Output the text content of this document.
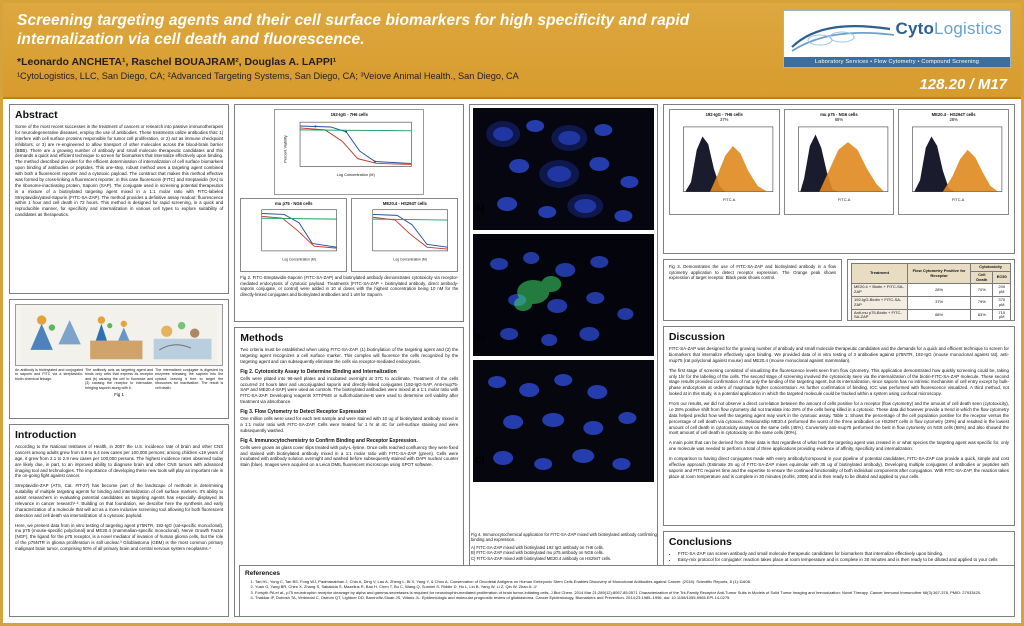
Screening targeting agents and their cell surface biomarkers for high specificity and rapid internalization via cell death and fluorescence.
*Leonardo ANCHETA¹, Raschel BOUAJRAM², Douglas A. LAPPI¹
¹CytoLogistics, LLC, San Diego, CA; ²Advanced Targeting Systems, San Diego, CA; ³Veiove Animal Health., San Diego, CA
CytoLogistics
Laboratory Services • Flow Cytometry • Compound Screening
128.20 / M17
Abstract

Some of the most recent successes in the treatment of cancers or research into passive immunotherapies for neurodegenerative diseases, employ the use of antibodies. These treatments utilize antibodies that: 1) interfere with cell surface proteins responsible for tumor cell proliferation, or 2) act as immune checkpoint inhibitors, or 3) are re-engineered to allow transport of other molecules across the blood-brain barrier (BBB). There are a growing number of antibody and small molecule therapeutic candidates and this demands a quick and efficient technique to screen for biomarkers that internalize effectively upon binding. The method described provides for the efficient determination of internalization of cell surface biomarkers upon binding of antibodies or peptides. This one-step, robust method uses a targeting agent combined with both a fluorescent reporter and a cytotoxic payload. The construct that makes this method effective was formed by cross-linking a fluorescent reporter, in this case fluorescein (FITC) and streptavidin (SA) to the ribosome-inactivating protein, Saporin (SAP). The conjugate used in screening potential therapeutics is a mixture of a biotinylated targeting agent mixed in a 1:1 molar ratio with FITC-labeled Streptavidin/yated-Saporin (FITC-SA-ZAP). The method provides a definitive assay readout: fluorescence within 1 hour and cell death in 72 hours. This method is designed for rapid screening, in a quick and reproducible manner, for specificity and internalization in various cell types to explore suitability of candidates as therapeutics.

An antibody is biotinylated and conjugated to saporin and FITC via a streptavidin-biotin chemical linkage.
The antibody acts as targeting agent and binds only cells that express its receptor and (b) causing the cell to fluoresce and (3) causing the receptor to internalize, bringing saporin along with it.
The internalized conjugate is digested by enzymes releasing the saporin into the cytosol, leaving it free to target the ribosomes for inactivation. The result is cell death.
Fig 1
Introduction

According to the National Institutes of Health, in 2007 the U.S. incidence rate of brain and other CNS cancers among adults grew from 5.9 to 6.4 new cases per 100,000 persons; among children ≤19 years of age, it grew from 2.1 to 2.9 new cases per 100,000 persons. The highest incidence rates observed today are likely due, in part, to an improved ability to diagnose brain and other CNS tumors with advanced imaging tool and technologies. The importance of developing these new tools will play an important role in the on-going fight against cancer.

Streptavidin-ZAP (ATS, Cat. #IT-27) has become part of the landscape of methods in determining suitability of multiple targeting agents for binding and internalization of cell surface markers. It's ability to assist researchers in evaluating potential candidates as targeting agents has especially displayed its relevance in cancer research¹·². Building on that foundation, we describe here the synthesis and early characterization of a molecule that will act as a more inclusive screening tool allowing for both fluorescent detection and cell death via internalization of a cytotoxic payload.

Here, we present data from in vitro testing of targeting agent p75NTR, 192-IgG (rat-specific monoclonal), mu p75 (mouse-specific polyclonal) and ME20.4 (mammalian-specific monoclonal). Nerve Growth Factor (NGF), the ligand for the p75 receptor, is a novel mediator of invasion of human glioma cells, but the role of the p75NTR in glioma proliferation is still unclear.³ Glioblastoma (GBM) is the most common primary malignant brain tumor, comprising 50% of all primary brain and central nervous system neoplasms.⁴

192-IgG - 7H6 cells
Log Concentration (M)
Percent Viability
mu p75 - NG6 cells
Log Concentration (M)
ME20.4 - HS294T cells
Log Concentration (M)

Fig 2. FITC-Streptavidin-Saporin (FITC-SA-ZAP) and biotinylated antibody demonstrates cytotoxicity via receptor-mediated endocytosis of cytotoxic payload. Treatments (FITC-SA-ZAP + biotinylated antibody, direct antibody-saporin conjugate, or control) were added in 10 ul doses with the highest concentration being 10 nM for the directly-linked conjugates and biotinylated antibodies and 1 uM for Saporin.

Methods

Two criteria must be established when using FITC-SA-ZAP. (1) biotinylation of the targeting agent and (2) the targeting agent recognizes a cell surface marker. This complex will fluoresce the cells recognized by the targeting agent and can subsequently eliminate the cells via receptor-mediated endocytosis.

Fig 2. Cytotoxicity Assay to Determine Binding and Internalization

Cells were plated into 96-well plates and incubated overnight at 37C to acclimate. Treatment of the cells occurred 24 hours later and unconjugated saporin and directly-linked conjugates (192-IgG-SAP, Anti-mup75-SAP and ME20.4-SAP) were used as controls. The biotinylated antibodies were mixed at a 1:1 molar ratio with FITC-SA-ZAP. Developing reagents XTT/PMS or sulforhodamine-B were used to determine cell viability after treatment via absorbance.

Fig 3. Flow Cytometry to Detect Receptor Expression

One million cells were used for each test sample and were stained with 10 ug of biotinylated antibody mixed in a 1:1 molar ratio with FITC-SA-ZAP. Cells were treated for 1 hr at 4C for cell-surface staining and were subsequently washed.

Fig 4. Immunocytochemistry to Confirm Binding and Receptor Expression.

Cells were grown as glass cover slips treated with poly-L-lysine. Once cells reached confluency they were fixed and stained with biotinylated antibody mixed in a 1:1 molar ratio with FITC-SA-ZAP (green). Cells were incubated with antibody solution overnight and washed before subsequently stained with DAPI nuclear counter stain (blue). Images were acquired on a Leica DMIL fluorescent microscope using SPOT software.

192-IgG - 7H6 cells
37%
FITC-A
mu p75 - NG6 cells
68%
FITC-A
ME20.4 - HS294T cells
28%
FITC-A

Fig 3. Demonstrates the use of FITC-SA-ZAP and biotinylated antibody in a flow cytometry application to detect receptor expression. The Orange peak shows expression of target receptor. Black peak shows control.

Treatment	Flow Cytometry Positive for Receptor	Cytotoxicity	
		Cell Death	EC50
ME20.4 + Biotin + FITC-SA-ZAP	28%	70%	200 pM
192-IgG-Biotin + FITC-SA-ZAP	37%	79%	370 pM
Anti-mu p75-Biotin + FITC-SA-ZAP	68%	83%	710 pM
Discussion

FITC-SA-ZAP was designed for the growing number of antibody and small molecule therapeutic candidates and the demands for a quick and efficient technique to screen for biomarkers that internalize effectively upon binding. We provided data of in vitro testing of 3 antibodies against p75NTR, 192-IgG (mouse monoclonal against rat), anti-mup75 (rat polyclonal against mouse) and ME20.4 (mouse monoclonal against mammalian).

The first stage of screening consisted of visualizing the fluorescence levels seen from flow cytometry. This application demonstrated how quickly screening could be, taking only 1hr for the labeling of the cells. The second stage of screening involved the cytotoxicity seen via the internalization of the biotin-FITC-SA-ZAP molecule. These second stage results provided confirmation of not only the binding of the targeting agent, but its internalization, since saporin has no intrinsic mechanism of cell entry except by bulk-phase endocytosis at orders of magnitude higher concentration. As further confirmation of binding, ICC was performed with fluorescence visualized. A third method, not looked at in this study, is a potential application in which the targeted molecule could be tracked within a system using confocal microscopy.

From our results, we did not observe a direct correlation between the amount of cells positive for a receptor (flow cytometry) and the amount of cell death seen (cytotoxicity), i.e 28% positive shift from flow cytometry did not translate into 28% of the cells being killed in a cytotoxic. These data did however provide a trend in which the flow cytometry data helped predict how well the targeting agent may work in the cytotoxic assay. Table 1: Shows the percentage of the cell population positive for the receptor versus the percentage of cell death via cytotoxic. Relationship ME20.4 performed the worst of the three antibodies on HS294T cells in flow cytometry (28%) and resulted in the lowest amount of cell death in cytotoxicity assays on the same cells (45%). Conversely anti-mup75 performed the best in flow cytometry on NG6 cells (68%) and also showed the most amount of cell death in cytotoxicity on the same cells (80%).

A main point that can be derived from these data is that regardless of what host the targeting agent was created in or what species the targeting agent was specific for, only one molecule was needed to perform a total of three applications providing evidence of affinity, specificity and internalization.

In comparison to having direct conjugates made with every antibody/compound in your pipeline of potential candidates, FITC-SA-ZAP can provide a quick, simple and cost effective approach (Estimate 25 ug of FITC-SA-ZAP mixes equimolar with 35 ug of biotinylated antibody). Developing multiple conjugates of antibodies or peptides with saporin and FITC requires time and the expertise to ensure the continued functionality of both individual components after conjugation. With FITC-SA-ZAP, the reaction takes place at room temperature and is complete in 30 minutes (Kohls, 2006) and is then ready to be diluted and applied to your cells.

Conclusions
• FITC-SA-ZAP can screen antibody and small molecule therapeutic candidates for biomarkers that internalize effectively upon binding.
• Easy-mix protocol for conjugate: reaction takes place at room temperature and is complete in 30 minutes and is then ready to be diluted and applied to your cells
•
•
•
•
Fig 4. Immunocytochemical application for FITC-SA-ZAP mixed with biotinylated antibody confirming binding and expression.
A) FITC-SA-ZAP mixed with biotinylated 192 IgG antibody on 7H6 cells.
B) FITC-SA-ZAP mixed with biotinylated mu p75 antibody on NG6 cells.
C) FITC-SA-ZAP mixed with biotinylated ME20.4 antibody on HS294T cells.
A)
B)
C)
References
1. Tan HL, Yong C, Tan BS, Fong WJ, Padmanabhan J, Chin A, Ding V, Lau A, Zheng L, Bi X, Yang Y, & Choo A. Conservation of Oncofetal Antigens on Human Embryonic Stem Cells Enables Discovery of Monoclonal Antibodies against Cancer. (2018). Scientific Reports, 8 (1):11608.
2. Yuan G, Yang BR, Chen X, Zhang S, Sakakida S, Mazelius R, Bao H, Chen T, Bu C, Wang Q, Sumimi S, Riddle D, Hu L, Lin B, Yang W, Li Z, Qin W, Zhao A. J/
3. Forsyth PA et al., p75 neurotrophin receptor cleavage by alpha and gamma-secretases is required for neurotrophin-mediated proliferation of brain tumor-initiating cells. J Biol Chem. 2014 Mar 21;289(12):8067-85.0571 Characterization of the Trk-Family Receptor Anti-Tumor Suits in Models of Solid Tumor Imaging and Immunization: Novel Therapy. Cancer Immunol Immunother 66(3):367-378, PMID: 27933420.
4. Thakkar IP, Dobosh TA, Verbindal C, Ostrom QT, Lightner DD, Barnholtz-Sloan JS, Villano JL. Epidemiologic and molecular prognostic review of glioblastoma. Cancer Epidemiology, Biomarkers and Prevention. 2014;23:1985–1996. doi: 10.1158/1055-9965.EPI-14-0275.
